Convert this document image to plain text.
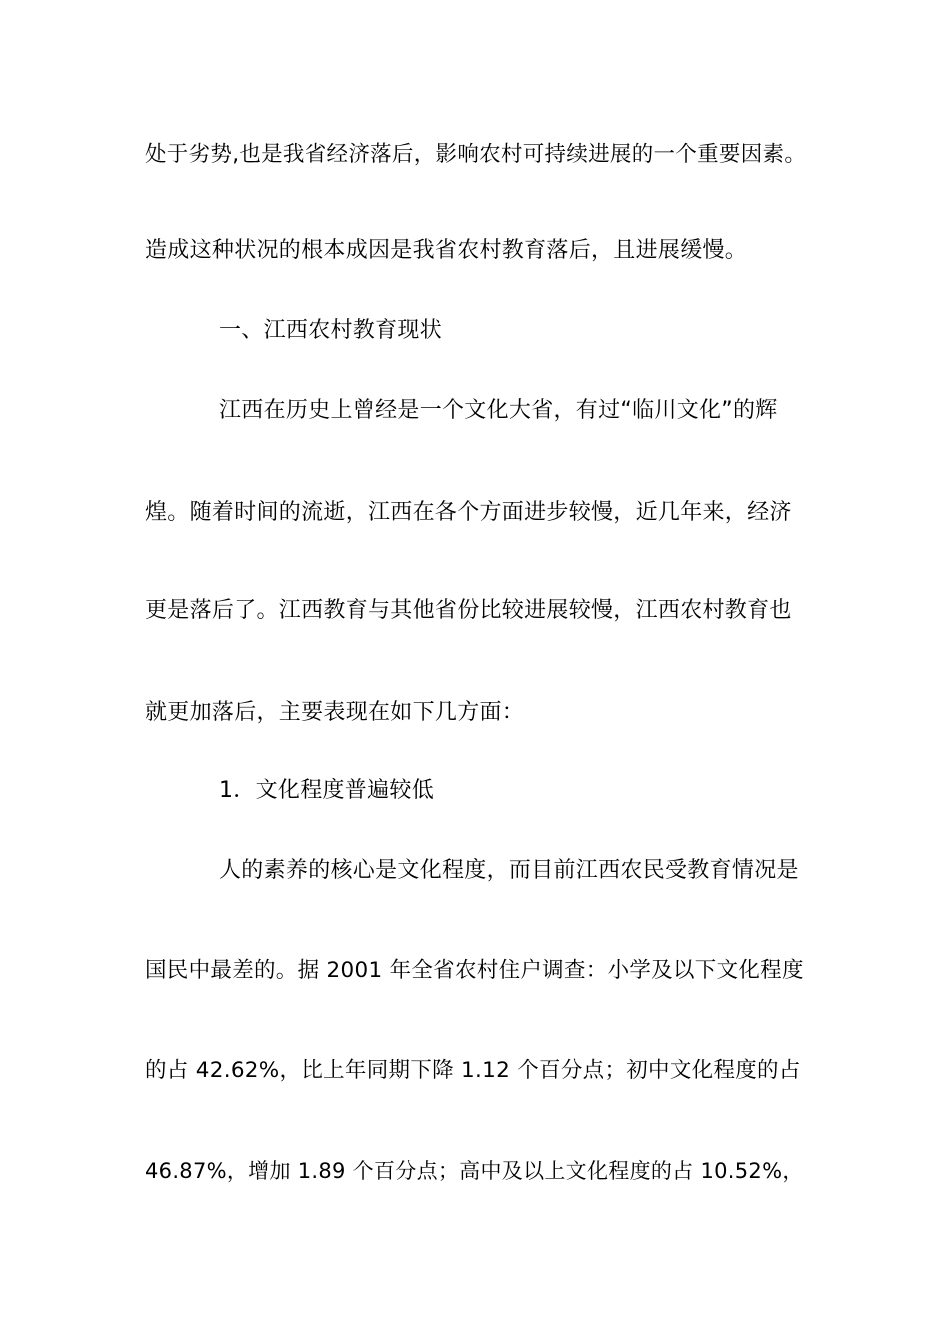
处于劣势,也是我省经济落后，影响农村可持续进展的一个重要因素。
造成这种状况的根本成因是我省农村教育落后，且进展缓慢。
一、江西农村教育现状
江西在历史上曾经是一个文化大省，有过“临川文化”的辉
煌。随着时间的流逝，江西在各个方面进步较慢，近几年来，经济
更是落后了。江西教育与其他省份比较进展较慢，江西农村教育也
就更加落后，主要表现在如下几方面：
1．文化程度普遍较低
人的素养的核心是文化程度，而目前江西农民受教育情况是
国民中最差的。据 2001 年全省农村住户调查：小学及以下文化程度
的占 42.62%，比上年同期下降 1.12 个百分点；初中文化程度的占
46.87%，增加 1.89 个百分点；高中及以上文化程度的占 10.52%，
